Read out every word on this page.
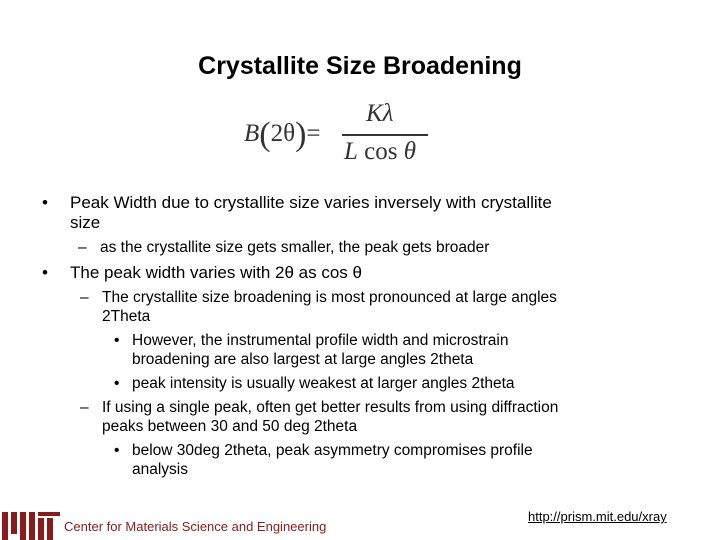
Crystallite Size Broadening
B(2θ)=
Kλ
L cos θ
• Peak Width due to crystallite size varies inversely with crystallite
size
– as the crystallite size gets smaller, the peak gets broader
• The peak width varies with 2θ as cos θ
– The crystallite size broadening is most pronounced at large angles
2Theta
• However, the instrumental profile width and microstrain
broadening are also largest at large angles 2theta
• peak intensity is usually weakest at larger angles 2theta
– If using a single peak, often get better results from using diffraction
peaks between 30 and 50 deg 2theta
• below 30deg 2theta, peak asymmetry compromises profile
analysis
Center for Materials Science and Engineering
http://prism.mit.edu/xray
